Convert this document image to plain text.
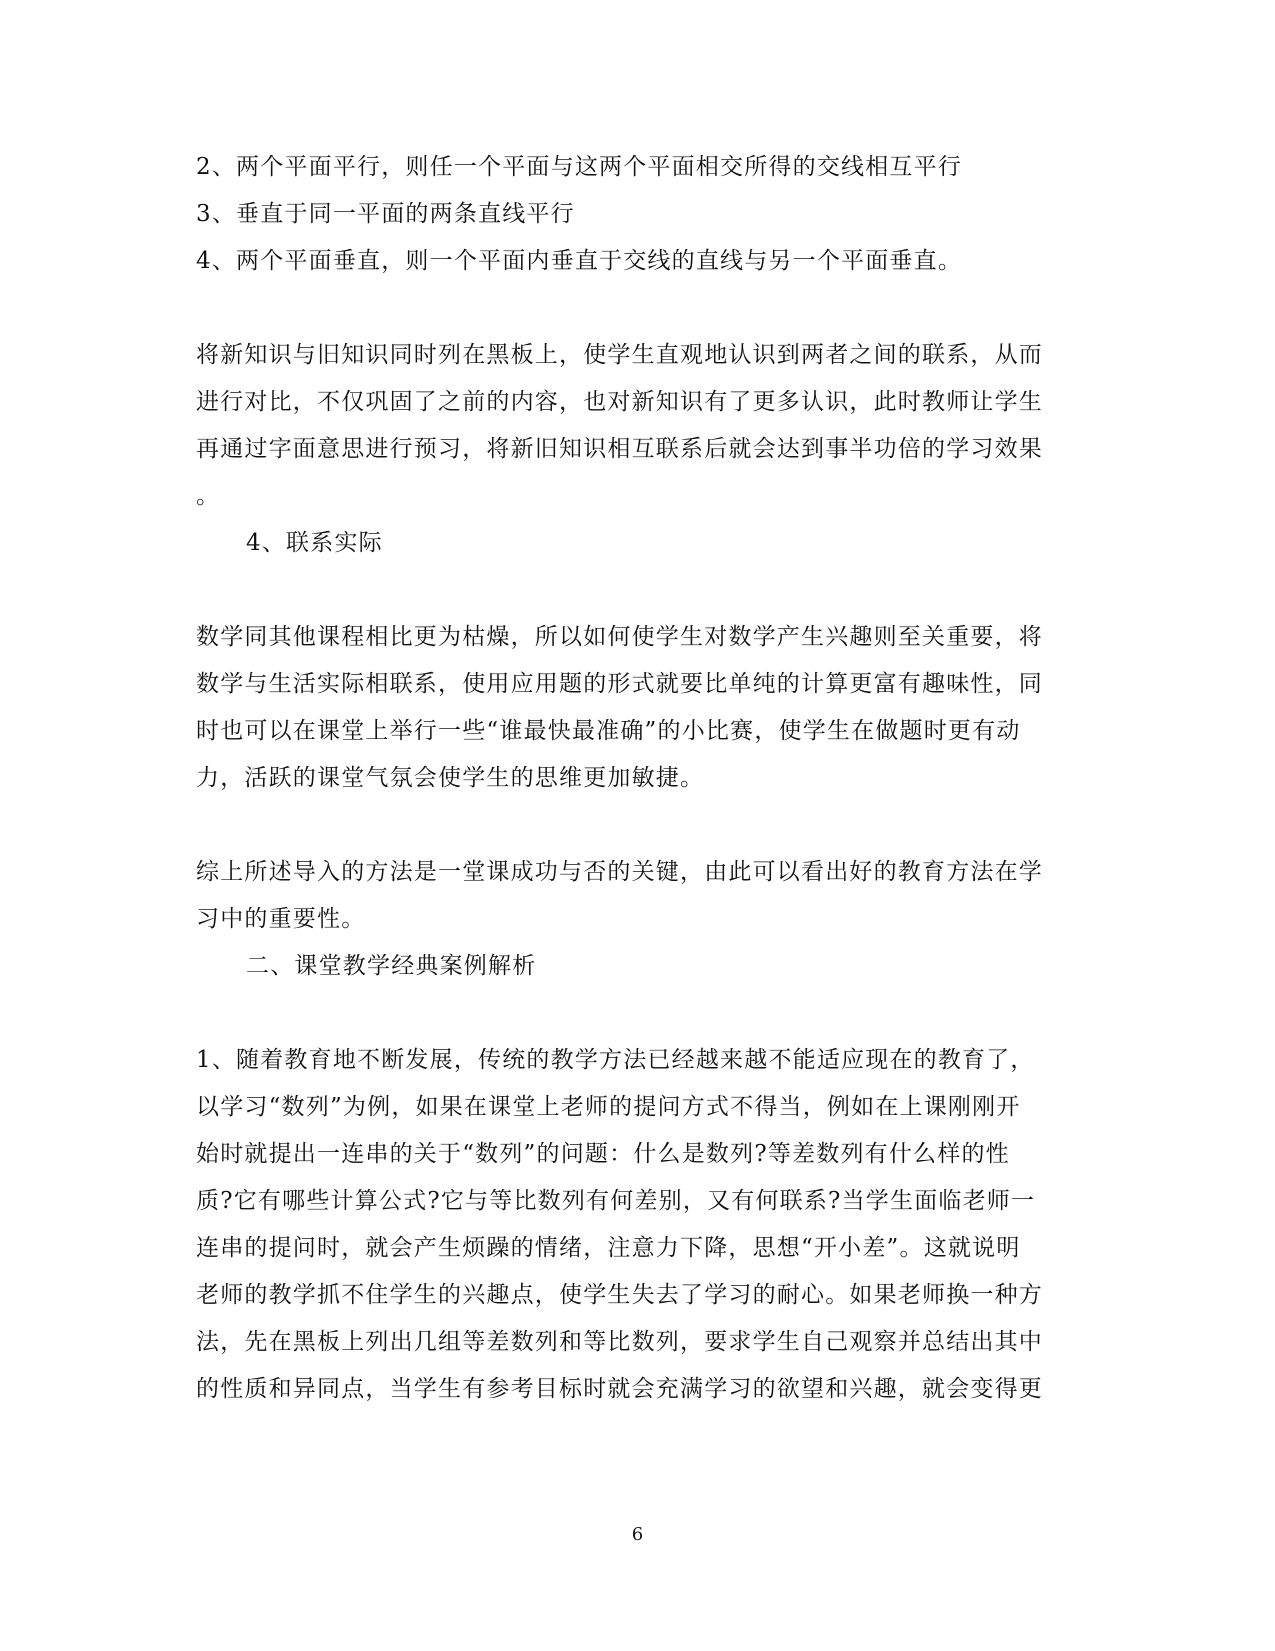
2、两个平面平行，则任一个平面与这两个平面相交所得的交线相互平行
3、垂直于同一平面的两条直线平行
4、两个平面垂直，则一个平面内垂直于交线的直线与另一个平面垂直。
将新知识与旧知识同时列在黑板上，使学生直观地认识到两者之间的联系，从而
进行对比，不仅巩固了之前的内容，也对新知识有了更多认识，此时教师让学生
再通过字面意思进行预习，将新旧知识相互联系后就会达到事半功倍的学习效果
。
4、联系实际
数学同其他课程相比更为枯燥，所以如何使学生对数学产生兴趣则至关重要，将
数学与生活实际相联系，使用应用题的形式就要比单纯的计算更富有趣味性，同
时也可以在课堂上举行一些“谁最快最准确”的小比赛，使学生在做题时更有动
力，活跃的课堂气氛会使学生的思维更加敏捷。
综上所述导入的方法是一堂课成功与否的关键，由此可以看出好的教育方法在学
习中的重要性。
二、课堂教学经典案例解析
1、随着教育地不断发展，传统的教学方法已经越来越不能适应现在的教育了，
以学习“数列”为例，如果在课堂上老师的提问方式不得当，例如在上课刚刚开
始时就提出一连串的关于“数列”的问题：什么是数列?等差数列有什么样的性
质?它有哪些计算公式?它与等比数列有何差别，又有何联系?当学生面临老师一
连串的提问时，就会产生烦躁的情绪，注意力下降，思想“开小差”。这就说明
老师的教学抓不住学生的兴趣点，使学生失去了学习的耐心。如果老师换一种方
法，先在黑板上列出几组等差数列和等比数列，要求学生自己观察并总结出其中
的性质和异同点，当学生有参考目标时就会充满学习的欲望和兴趣，就会变得更
6
